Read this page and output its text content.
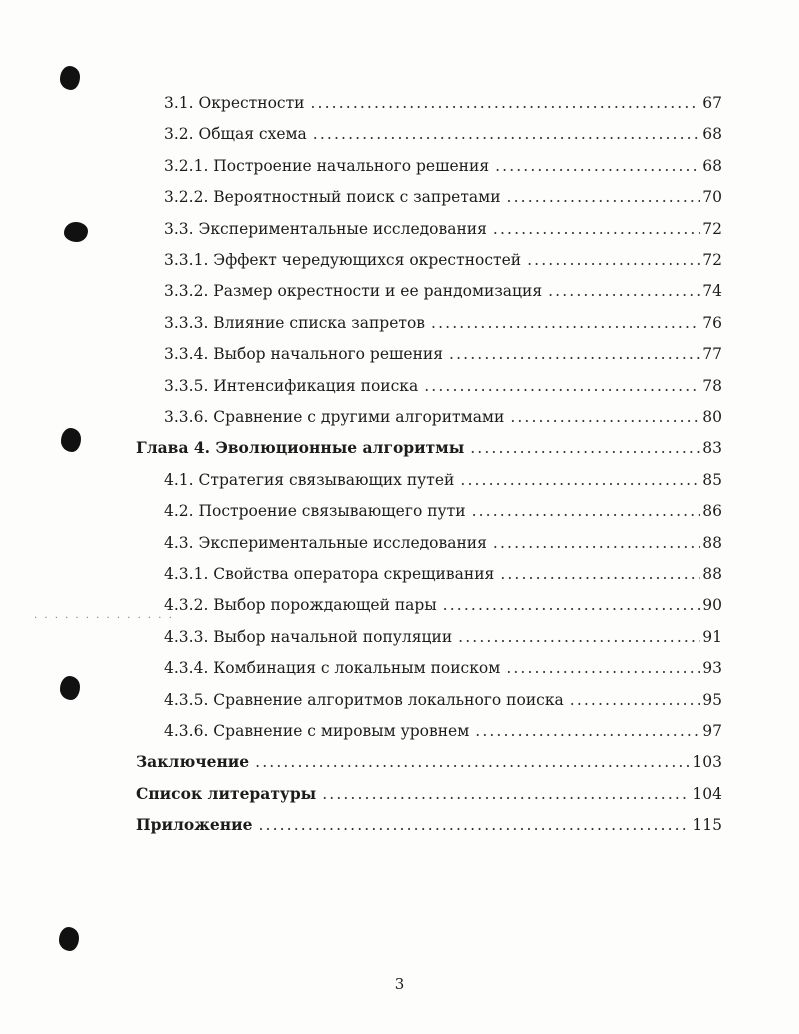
. . . . . . . . . . . . . .
3.1. Окрестности . . .	67
3.2. Общая схема . . .	68
3.2.1. Построение начального решения . . .	68
3.2.2. Вероятностный поиск с запретами . . .	70
3.3. Экспериментальные исследования . . .	72
3.3.1. Эффект чередующихся окрестностей . . .	72
3.3.2. Размер окрестности и ее рандомизация . . .	74
3.3.3. Влияние списка запретов . . .	76
3.3.4. Выбор начального решения . . .	77
3.3.5. Интенсификация поиска . . .	78
3.3.6. Сравнение с другими алгоритмами . . .	80
Глава 4. Эволюционные алгоритмы . . .	83
4.1. Стратегия связывающих путей . . .	85
4.2. Построение связывающего пути . . .	86
4.3. Экспериментальные исследования . . .	88
4.3.1. Свойства оператора скрещивания . . .	88
4.3.2. Выбор порождающей пары . . .	90
4.3.3. Выбор начальной популяции . . .	91
4.3.4. Комбинация с локальным поиском . . .	93
4.3.5. Сравнение алгоритмов локального поиска . . .	95
4.3.6. Сравнение с мировым уровнем . . .	97
Заключение . . .	103
Список литературы . . .	104
Приложение . . .	115
3
